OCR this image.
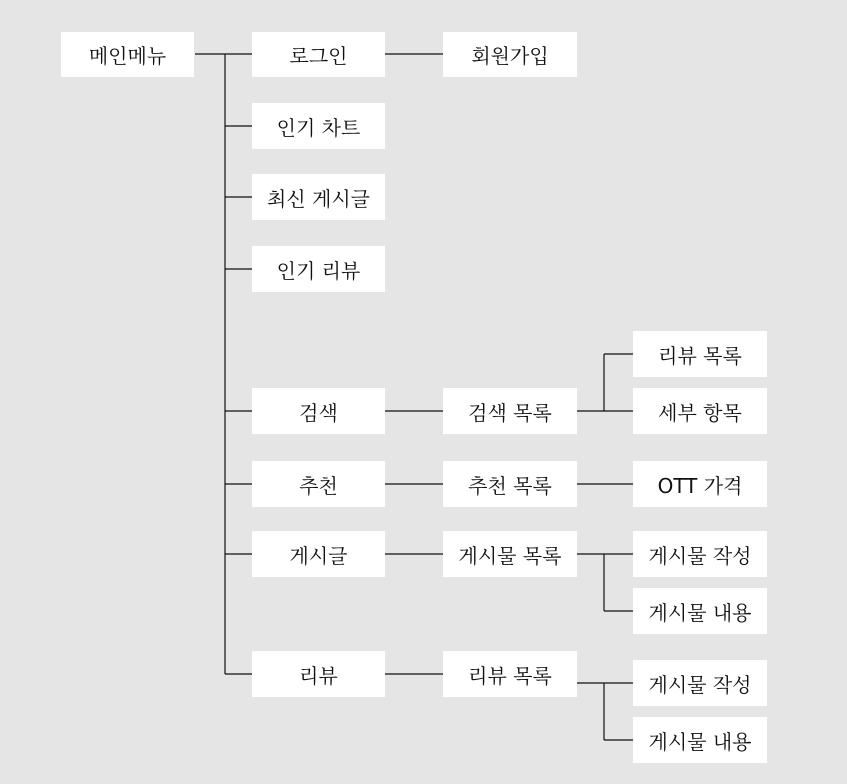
메인메뉴	로그인
인기 차트
최신 게시글
인기 리뷰
검색
추천
게시글
리뷰
회원가입
검색 목록
추천 목록
게시물 목록
리뷰 목록
리뷰 목록
세부 항목
OTT 가격
게시물 작성
게시물 내용
게시물 작성
게시물 내용
